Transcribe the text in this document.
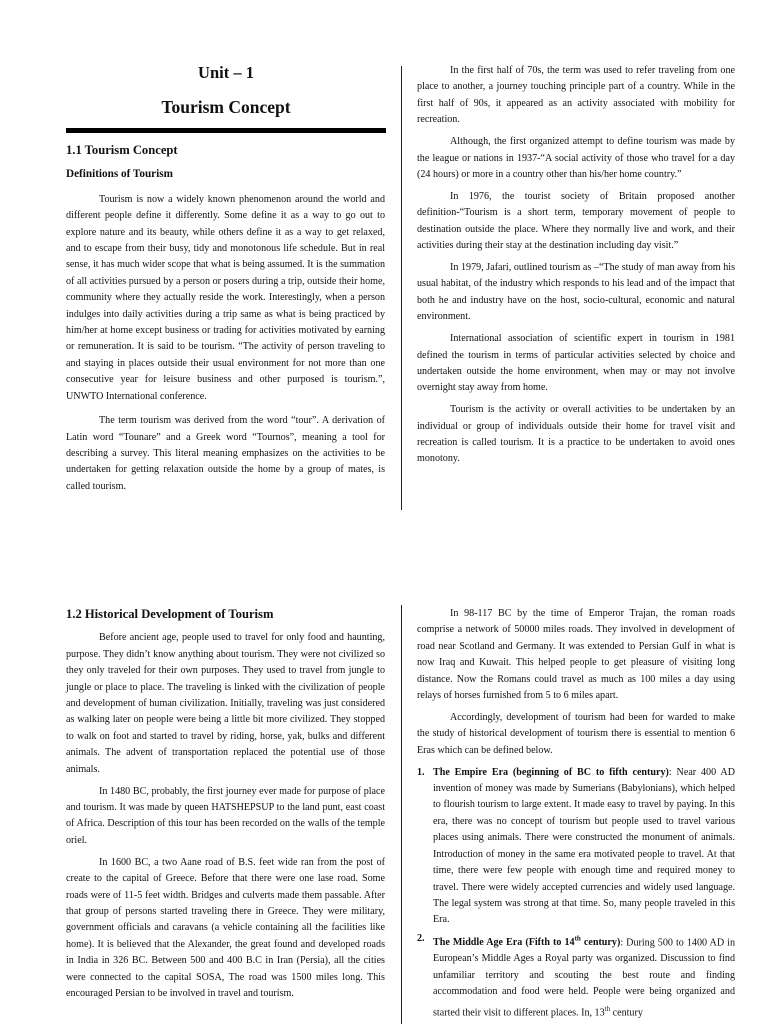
Unit – 1
Tourism Concept
1.1 Tourism Concept
Definitions of Tourism

Tourism is now a widely known phenomenon around the world and different people define it differently. Some define it as a way to go out to explore nature and its beauty, while others define it as a way to get relaxed, and to escape from their busy, tidy and monotonous life schedule. But in real sense, it has much wider scope that what is being assumed. It is the summation of all activities pursued by a person or posers during a trip, outside their home, community where they actually reside the work. Interestingly, when a person indulges into daily activities during a trip same as what is being practiced by him/her at home except business or trading for activities motivated by earning or remuneration. It is said to be tourism. “The activity of person traveling to and staying in places outside their usual environment for not more than one consecutive year for leisure business and other purposed is tourism.”, UNWTO International conference.

The term tourism was derived from the word “tour”. A derivation of Latin word “Tounare” and a Greek word “Tournos”, meaning a tool for describing a survey. This literal meaning emphasizes on the activities to be undertaken for getting relaxation outside the home by a group of mates, is called tourism.

In the first half of 70s, the term was used to refer traveling from one place to another, a journey touching principle part of a country. While in the first half of 90s, it appeared as an activity associated with mobility for recreation.

Although, the first organized attempt to define tourism was made by the league or nations in 1937-“A social activity of those who travel for a day (24 hours) or more in a country other than his/her home country.”

In 1976, the tourist society of Britain proposed another definition-“Tourism is a short term, temporary movement of people to destination outside the place. Where they normally live and work, and their activities during their stay at the destination including day visit.”

In 1979, Jafari, outlined tourism as –“The study of man away from his usual habitat, of the industry which responds to his lead and of the impact that both he and industry have on the host, socio-cultural, economic and natural environment.

International association of scientific expert in tourism in 1981 defined the tourism in terms of particular activities selected by choice and undertaken outside the home environment, when may or may not involve overnight stay away from home.

Tourism is the activity or overall activities to be undertaken by an individual or group of individuals outside their home for travel visit and recreation is called tourism. It is a practice to be undertaken to avoid ones monotony.

1.2 Historical Development of Tourism

Before ancient age, people used to travel for only food and haunting, purpose. They didn’t know anything about tourism. They were not civilized so they only traveled for their own purposes. They used to travel from jungle to jungle or place to place. The traveling is linked with the civilization of people and development of human civilization. Initially, traveling was just considered as walking later on people were being a little bit more civilized. They stopped to walk on foot and started to travel by riding, horse, yak, bulks and different animals. The advent of transportation replaced the potential use of those animals.

In 1480 BC, probably, the first journey ever made for purpose of place and tourism. It was made by queen HATSHEPSUP to the land punt, east coast of Africa. Description of this tour has been recorded on the walls of the temple oriel.

In 1600 BC, a two Aane road of B.S. feet wide ran from the post of create to the capital of Greece. Before that there were one lase road. Some roads were of 11-5 feet width. Bridges and culverts made them passable. After that group of persons started traveling there in Greece. They were military, government officials and caravans (a vehicle containing all the facilities like home). It is believed that the Alexander, the great found and developed roads in India in 326 BC. Between 500 and 400 B.C in Iran (Persia), all the cities were connected to the capital SOSA, The road was 1500 miles long. This encouraged Persian to be involved in travel and tourism.

In 98-117 BC by the time of Emperor Trajan, the roman roads comprise a network of 50000 miles roads. They involved in development of road near Scotland and Germany. It was extended to Persian Gulf in what is now Iraq and Kuwait. This helped people to get pleasure of visiting long distance. Now the Romans could travel as much as 100 miles a day using relays of horses furnished from 5 to 6 miles apart.

Accordingly, development of tourism had been for warded to make the study of historical development of tourism there is essential to mention 6 Eras which can be defined below.

1. The Empire Era (beginning of BC to fifth century): Near 400 AD invention of money was made by Sumerians (Babylonians), which helped to flourish tourism to large extent. It made easy to travel by paying. In this era, there was no concept of tourism but people used to travel various places using animals. There were constructed the monument of animals. Introduction of money in the same era motivated people to travel. At that time, there were few people with enough time and required money to travel. There were widely accepted currencies and widely used language. The legal system was strong at that time. So, many people traveled in this Era.
2. The Middle Age Era (Fifth to 14th century): During 500 to 1400 AD in European’s Middle Ages a Royal party was organized. Discussion to find unfamiliar territory and scouting the best route and finding accommodation and food were held. People were being organized and started their visit to different places. In, 13th century
